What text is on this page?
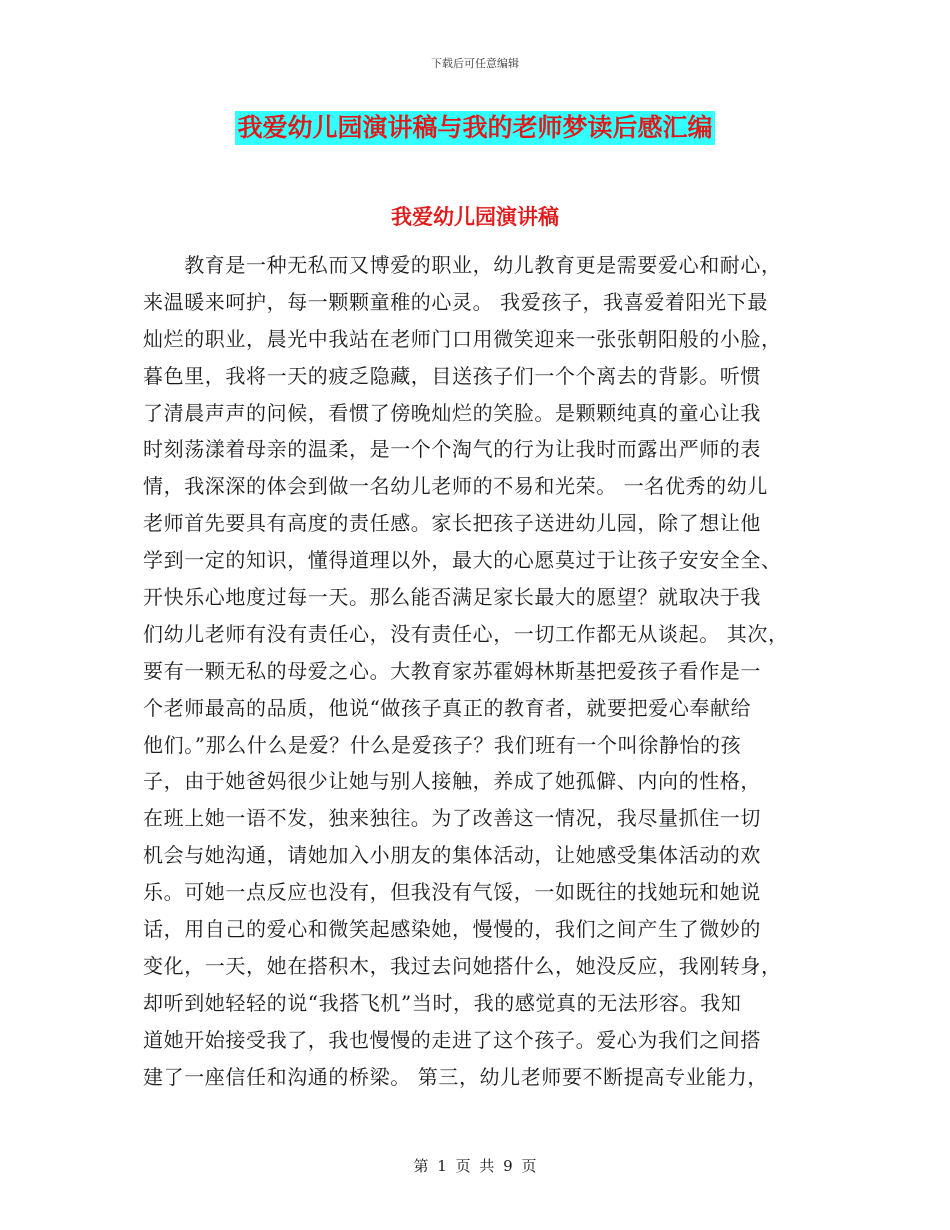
下载后可任意编辑
我爱幼儿园演讲稿与我的老师梦读后感汇编
我爱幼儿园演讲稿
　　教育是一种无私而又博爱的职业，幼儿教育更是需要爱心和耐心，
来温暖来呵护，每一颗颗童稚的心灵。 我爱孩子，我喜爱着阳光下最
灿烂的职业，晨光中我站在老师门口用微笑迎来一张张朝阳般的小脸，
暮色里，我将一天的疲乏隐藏，目送孩子们一个个离去的背影。听惯
了清晨声声的问候，看惯了傍晚灿烂的笑脸。是颗颗纯真的童心让我
时刻荡漾着母亲的温柔，是一个个淘气的行为让我时而露出严师的表
情，我深深的体会到做一名幼儿老师的不易和光荣。 一名优秀的幼儿
老师首先要具有高度的责任感。家长把孩子送进幼儿园，除了想让他
学到一定的知识，懂得道理以外，最大的心愿莫过于让孩子安安全全、
开快乐心地度过每一天。那么能否满足家长最大的愿望？就取决于我
们幼儿老师有没有责任心，没有责任心，一切工作都无从谈起。 其次，
要有一颗无私的母爱之心。大教育家苏霍姆林斯基把爱孩子看作是一
个老师最高的品质，他说“做孩子真正的教育者，就要把爱心奉献给
他们。”那么什么是爱？什么是爱孩子？我们班有一个叫徐静怡的孩
子，由于她爸妈很少让她与别人接触，养成了她孤僻、内向的性格，
在班上她一语不发，独来独往。为了改善这一情况，我尽量抓住一切
机会与她沟通，请她加入小朋友的集体活动，让她感受集体活动的欢
乐。可她一点反应也没有，但我没有气馁，一如既往的找她玩和她说
话，用自己的爱心和微笑起感染她，慢慢的，我们之间产生了微妙的
变化，一天，她在搭积木，我过去问她搭什么，她没反应，我刚转身，
却听到她轻轻的说“我搭飞机”当时，我的感觉真的无法形容。我知
道她开始接受我了，我也慢慢的走进了这个孩子。爱心为我们之间搭
建了一座信任和沟通的桥梁。 第三，幼儿老师要不断提高专业能力，
第 1 页 共 9 页
